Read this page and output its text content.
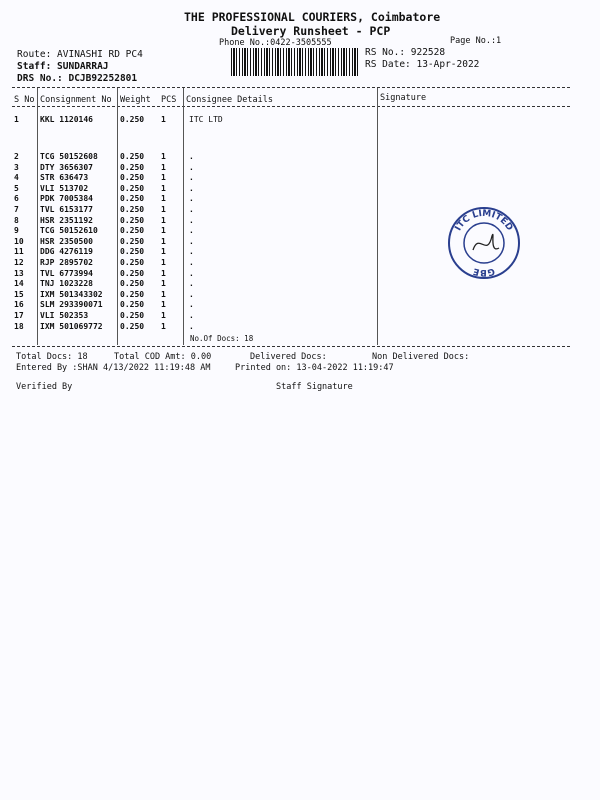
THE PROFESSIONAL COURIERS, Coimbatore
Delivery Runsheet - PCP
Phone No.:0422-3505555	Page No.:1
Route: AVINASHI RD PC4
Staff: SUNDARRAJ
DRS No.: DCJB92252801
RS No.: 922528
RS Date: 13-Apr-2022
S No Consignment No Weight PCS Consignee Details	Signature
1	KKL 1120146	0.250 1	ITC LTD
2	TCG 50152608	0.250 1	.
3	DTY 3656307	0.250 1	.
4	STR 636473	0.250 1	.
5	VLI 513702	0.250 1	.
6	PDK 7005384	0.250 1	.
7	TVL 6153177	0.250 1	.
8	HSR 2351192	0.250 1	.
9	TCG 50152610	0.250 1	.
10 HSR 2350500	0.250 1	.
11 DDG 4276119	0.250 1	.
12 RJP 2895702	0.250 1	.
13 TVL 6773994	0.250 1	.
14 TNJ 1023228	0.250 1	.
15 IXM 501343302 0.250 1	.
16 SLM 293390071 0.250 1	.
17 VLI 502353	0.250 1	.
18 IXM 501069772 0.250 1	.
No.Of Docs: 18
ITC LIMITED
GBE
Total Docs: 18	Total COD Amt: 0.00	Delivered Docs:	Non Delivered Docs:
Entered By :SHAN 4/13/2022 11:19:48 AM	Printed on: 13-04-2022 11:19:47
Verified By	Staff Signature
